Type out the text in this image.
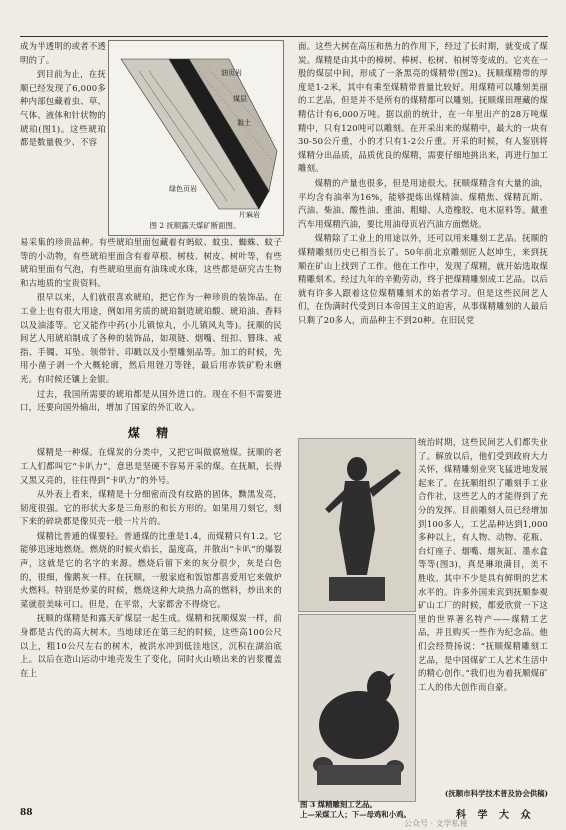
成为半透明的或者不透明的了。

到目前为止，在抚顺已经发现了6,000多种内部包藏着虫、草、气体、液体和针状物的琥珀(图1)。这些琥珀都是数量极少、不容

油页岩
绿色页岩
煤层
片麻岩
黏土
图 2 抚顺露天煤矿断面图。

易采集的珍贵品种。有些琥珀里面包藏着有蚂蚁、蚊虫、蜘蛛、蚊子等的小动物，有些琥珀里面含有着草根、树枝、树皮、树叶等，有些琥珀里面有气泡，有些琥珀里面有油珠或水珠，这些都是研究古生物和古地质的宝贵资料。

很早以来，人们就很喜欢琥珀，把它作为一种珍贵的装饰品。在工业上也有很大用途，例如用劣质的琥珀制造琥珀酸、琥珀油、香料以及油漆等。它又能作中药(小儿镇惊丸，小儿镇风丸等)。抚顺的民间艺人用琥珀制成了各种的装饰品，如项链、烟嘴、纽扣、簪珠、戒指、手镯、耳坠、领带针、印戳以及小型雕刻品等。加工的时候，先用小凿子剥一个大概轮廓，然后用锉刀等锉，最后用赤铁矿粉末磨光。有时候还镶上金银。

过去，我国所需要的琥珀都是从国外进口的。现在不但不需要进口，还要向国外输出，增加了国家的外汇收入。

煤 精

煤精是一种煤。在煤炭的分类中，又把它叫做腐殖煤。抚顺的老工人们都叫它“卡叭力”，意思是坚硬不容易开采的煤。在抚顺，长得又黑又亮的，往往得到“卡叭力”的外号。

从外表上看来，煤精是十分细密而没有纹路的固体，黝黑发亮，韧度很强。它的形状大多是三角形的和长方形的。如果用刀刻它，刻下来的碎块都是像贝壳一般一片片的。

煤精比普通的煤要轻。普通煤的比重是1.4，而煤精只有1.2。它能够迅速地燃烧。燃烧的时候火焰长，温度高，并散出“卡叭”的爆裂声，这就是它的名字的来源。燃烧后留下来的灰分很少，灰是白色的，很细，像鹅灰一样。在抚顺，一般家庭和饭馆都喜爱用它来做炉火燃料。特别是炒菜的时候，燃烧这种大块热力高的燃料，炒出来的菜就很美味可口。但是，在平常，大家都舍不得烧它。

抚顺的煤精是和露天矿煤层一起生成。煤精和抚顺煤炭一样，前身都是古代的高大树木。当地球还在第三纪的时候，这些高100公尺以上，粗10公尺左右的树木，被洪水冲到低洼地区，沉积在湖泊底上。以后在造山运动中地壳发生了变化，同时火山喷出来的岩浆覆盖在上

面。这些大树在高压和热力的作用下，经过了长时期，就变成了煤炭。煤精是由其中的樟树、棒树、松树、柏树等变成的。它夹在一般的煤层中间，形成了一条黑亮的煤精带(图2)。抚顺煤精带的厚度是1-2米，其中有乘至煤精带普量比较好。用煤精可以雕刻美丽的工艺品，但是并不是所有的煤精都可以雕刻。抚顺煤田理藏的煤精估计有6,000万吨。据以前的统计，在一年里出产的28万吨煤精中，只有120吨可以雕刻。在开采出来的煤精中，最大的一块有30-50公斤重，小的才只有1-2公斤重。开采的时候，有人鉴别将煤精分出品质，品质优良的煤精，需要仔细地挑出来，再进行加工雕刻。

煤精的产量也很多，但是用途很大。抚顺煤精含有大量的油，平均含有油率为16%，能够提炼出煤精油、煤精焦、煤精瓦斯、汽油、柴油、酸性油、重油、粗蜡、人造橡胶、电木原料等。戴重汽车用煤精汽油，要比用油母页岩汽油方面燃烧。

煤精除了工业上的用途以外，还可以用来雕刻工艺品。抚顺的煤精雕刻历史已相当长了。50年前北京雕刻匠人赵坤生，来到抚顺在矿山上找到了工作。他在工作中，发现了煤精，就开始选取煤精雕刻术。经过九年的辛勤劳动，终于把煤精雕刻成工艺品。以后就有许多人跟着这位煤精雕刻术的始者学习。但是这些民间艺人们，在伪满时代受到日本帝国主义的迫害，从事煤精雕刻的人最后只剩了20多人，而品种主不到20种。在旧民党

统治时期，这些民间艺人们都失业了。解放以后，他们受到政府大力关怀，煤精雕刻业突飞猛进地发展起来了。在抚顺组织了雕刻手工业合作社，这些艺人的才能得到了充分的发挥。目前雕刻人员已经增加到100多人，工艺品种达到1,000多种以上，有人物、动物、花瓶、台灯座子、烟嘴、烟灰缸、墨水盒等等(图3)，真是琳琅满目，美不胜收。其中不少是具有鲜明的艺术水平的。许多外国来宾到抚顺参观矿山工厂的时候，都爱欣赏一下这里的世界著名特产——煤精工艺品，并且购买一些作为纪念品。他们会经赞扬说：“抚顺煤精雕刻工艺品，是中国煤矿工人艺术生活中的精心创作。”我们也为着抚顺煤矿工人的伟大创作而自豪。

(抚顺市科学技术普及协会供稿)
图 3 煤精雕刻工艺品。
上—采煤工人；下—母鸡和小鸡。
88	科 学 大 众
公众号 · 文学私秘
